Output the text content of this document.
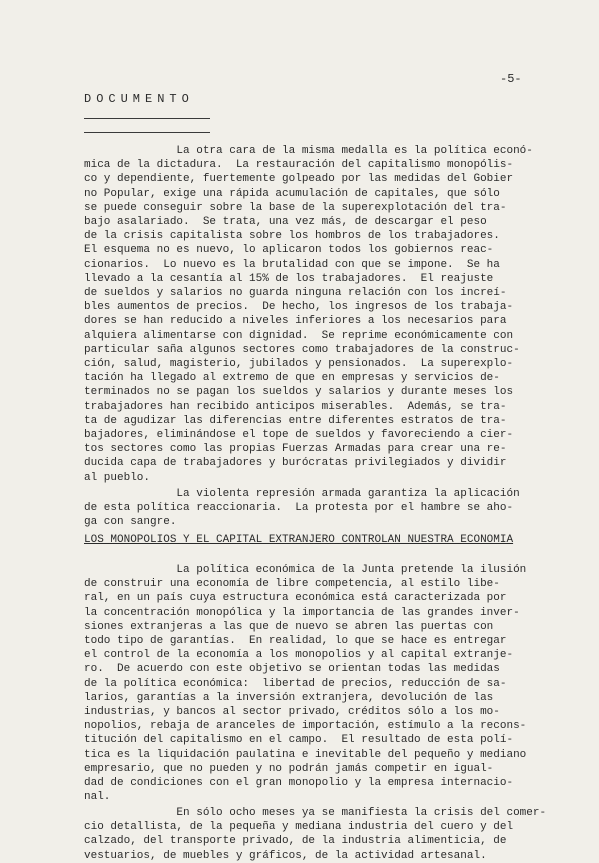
-5-
DOCUMENTO
La otra cara de la misma medalla es la política econó-
mica de la dictadura.  La restauración del capitalismo monopólis-
co y dependiente, fuertemente golpeado por las medidas del Gobier
no Popular, exige una rápida acumulación de capitales, que sólo
se puede conseguir sobre la base de la superexplotación del tra-
bajo asalariado.  Se trata, una vez más, de descargar el peso
de la crisis capitalista sobre los hombros de los trabajadores.
El esquema no es nuevo, lo aplicaron todos los gobiernos reac-
cionarios.  Lo nuevo es la brutalidad con que se impone.  Se ha
llevado a la cesantía al 15% de los trabajadores.  El reajuste
de sueldos y salarios no guarda ninguna relación con los increí-
bles aumentos de precios.  De hecho, los ingresos de los trabaja-
dores se han reducido a niveles inferiores a los necesarios para
alquiera alimentarse con dignidad.  Se reprime económicamente con
particular saña algunos sectores como trabajadores de la construc-
ción, salud, magisterio, jubilados y pensionados.  La superexplo-
tación ha llegado al extremo de que en empresas y servicios de-
terminados no se pagan los sueldos y salarios y durante meses los
trabajadores han recibido anticipos miserables.  Además, se tra-
ta de agudizar las diferencias entre diferentes estratos de tra-
bajadores, eliminándose el tope de sueldos y favoreciendo a cier-
tos sectores como las propias Fuerzas Armadas para crear una re-
ducida capa de trabajadores y burócratas privilegiados y dividir
al pueblo.
La violenta represión armada garantiza la aplicación
de esta política reaccionaria.  La protesta por el hambre se aho-
ga con sangre.
LOS MONOPOLIOS Y EL CAPITAL EXTRANJERO CONTROLAN NUESTRA ECONOMIA
La política económica de la Junta pretende la ilusión
de construir una economía de libre competencia, al estilo libe-
ral, en un país cuya estructura económica está caracterizada por
la concentración monopólica y la importancia de las grandes inver-
siones extranjeras a las que de nuevo se abren las puertas con
todo tipo de garantías.  En realidad, lo que se hace es entregar
el control de la economía a los monopolios y al capital extranje-
ro.  De acuerdo con este objetivo se orientan todas las medidas
de la política económica:  libertad de precios, reducción de sa-
larios, garantías a la inversión extranjera, devolución de las
industrias, y bancos al sector privado, créditos sólo a los mo-
nopolios, rebaja de aranceles de importación, estímulo a la recons-
titución del capitalismo en el campo.  El resultado de esta polí-
tica es la liquidación paulatina e inevitable del pequeño y mediano
empresario, que no pueden y no podrán jamás competir en igual-
dad de condiciones con el gran monopolio y la empresa internacio-
nal.
En sólo ocho meses ya se manifiesta la crisis del comer-
cio detallista, de la pequeña y mediana industria del cuero y del
calzado, del transporte privado, de la industria alimenticia, de
vestuarios, de muebles y gráficos, de la actividad artesanal.
